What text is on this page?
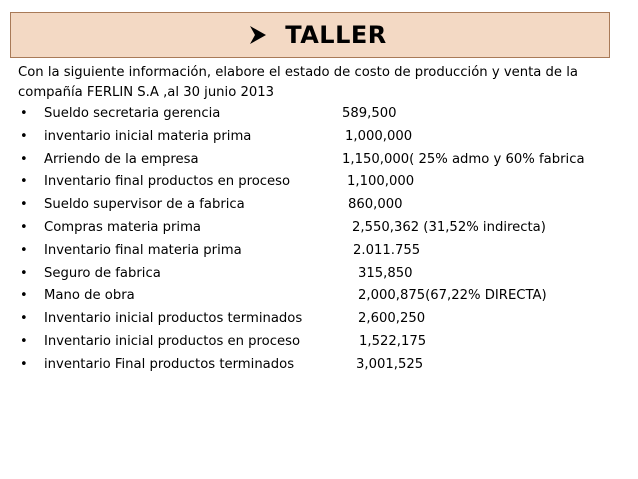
TALLER
Con la siguiente información, elabore el estado de costo de producción y venta de la
compañía FERLIN S.A ,al 30 junio 2013
• Sueldo secretaria gerencia	589,500
• inventario inicial materia prima	1,000,000
• Arriendo de la empresa	1,150,000( 25% admo y 60% fabrica
• Inventario final productos en proceso	1,100,000
• Sueldo supervisor de a fabrica	860,000
• Compras materia prima	2,550,362 (31,52% indirecta)
• Inventario final materia prima	2.011.755
• Seguro de fabrica	315,850
• Mano de obra	2,000,875(67,22% DIRECTA)
• Inventario inicial productos terminados	2,600,250
• Inventario inicial productos en proceso	1,522,175
• inventario Final productos terminados	3,001,525
